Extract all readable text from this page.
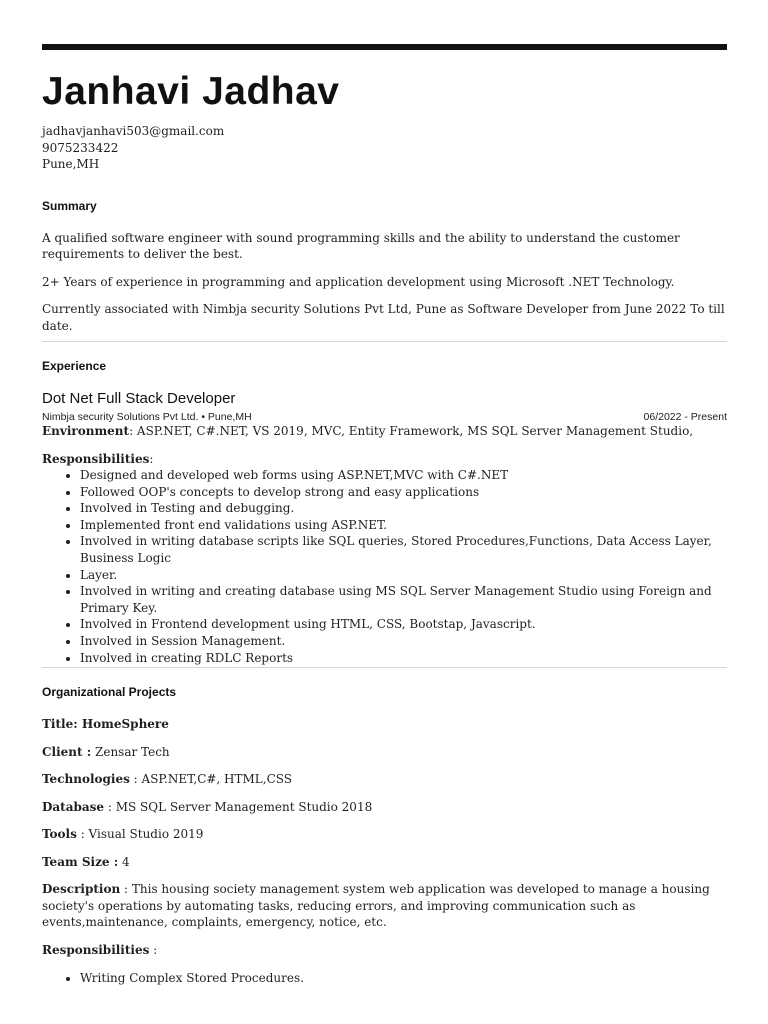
Janhavi Jadhav
jadhavjanhavi503@gmail.com
9075233422
Pune,MH
Summary

A qualified software engineer with sound programming skills and the ability to understand the customer requirements to deliver the best.

2+ Years of experience in programming and application development using Microsoft .NET Technology.

Currently associated with Nimbja security Solutions Pvt Ltd, Pune as Software Developer from June 2022 To till date.

Experience
Dot Net Full Stack Developer
Nimbja security Solutions Pvt Ltd. • Pune,MH	06/2022 - Present

Environment: ASP.NET, C#.NET, VS 2019, MVC, Entity Framework, MS SQL Server Management Studio,

Responsibilities:

• Designed and developed web forms using ASP.NET,MVC with C#.NET
• Followed OOP's concepts to develop strong and easy applications
• Involved in Testing and debugging.
• Implemented front end validations using ASP.NET.
• Involved in writing database scripts like SQL queries, Stored Procedures,Functions, Data Access Layer, Business Logic
• Layer.
• Involved in writing and creating database using MS SQL Server Management Studio using Foreign and Primary Key.
• Involved in Frontend development using HTML, CSS, Bootstap, Javascript.
• Involved in Session Management.
• Involved in creating RDLC Reports
Organizational Projects

Title: HomeSphere

Client : Zensar Tech

Technologies : ASP.NET,C#, HTML,CSS

Database : MS SQL Server Management Studio 2018

Tools : Visual Studio 2019

Team Size : 4

Description : This housing society management system web application was developed to manage a housing society's operations by automating tasks, reducing errors, and improving communication such as events,maintenance, complaints, emergency, notice, etc.

Responsibilities :

• Writing Complex Stored Procedures.
